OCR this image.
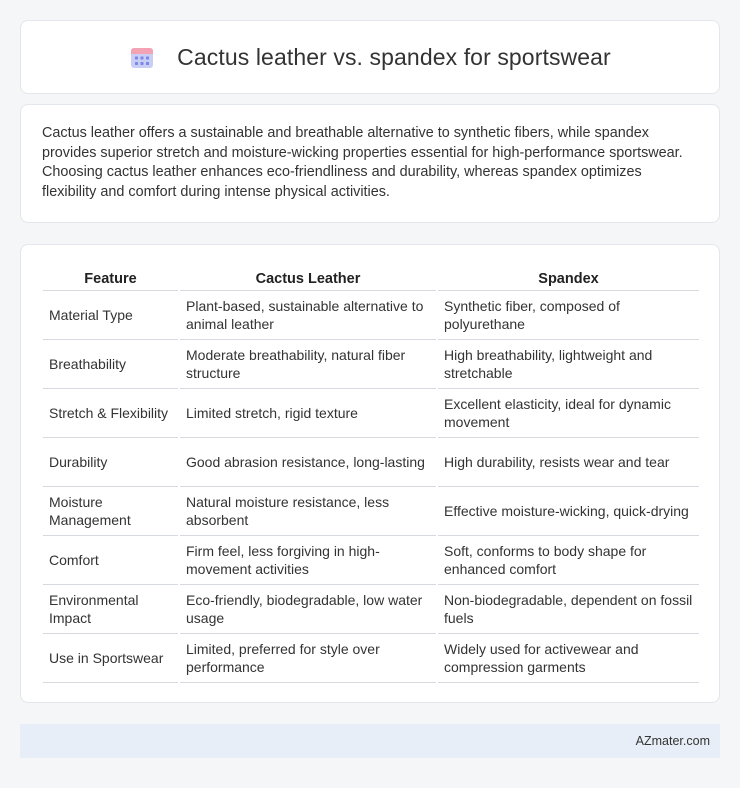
Cactus leather vs. spandex for sportswear

Cactus leather offers a sustainable and breathable alternative to synthetic fibers, while spandex provides superior stretch and moisture-wicking properties essential for high-performance sportswear. Choosing cactus leather enhances eco-friendliness and durability, whereas spandex optimizes flexibility and comfort during intense physical activities.

Feature	Cactus Leather	Spandex
Material Type	Plant-based, sustainable alternative to animal leather	Synthetic fiber, composed of polyurethane
Breathability	Moderate breathability, natural fiber structure	High breathability, lightweight and stretchable
Stretch & Flexibility	Limited stretch, rigid texture	Excellent elasticity, ideal for dynamic movement
Durability	Good abrasion resistance, long-lasting	High durability, resists wear and tear
Moisture Management	Natural moisture resistance, less absorbent	Effective moisture-wicking, quick-drying
Comfort	Firm feel, less forgiving in high-movement activities	Soft, conforms to body shape for enhanced comfort
Environmental Impact	Eco-friendly, biodegradable, low water usage	Non-biodegradable, dependent on fossil fuels
Use in Sportswear	Limited, preferred for style over performance	Widely used for activewear and compression garments
AZmater.com
